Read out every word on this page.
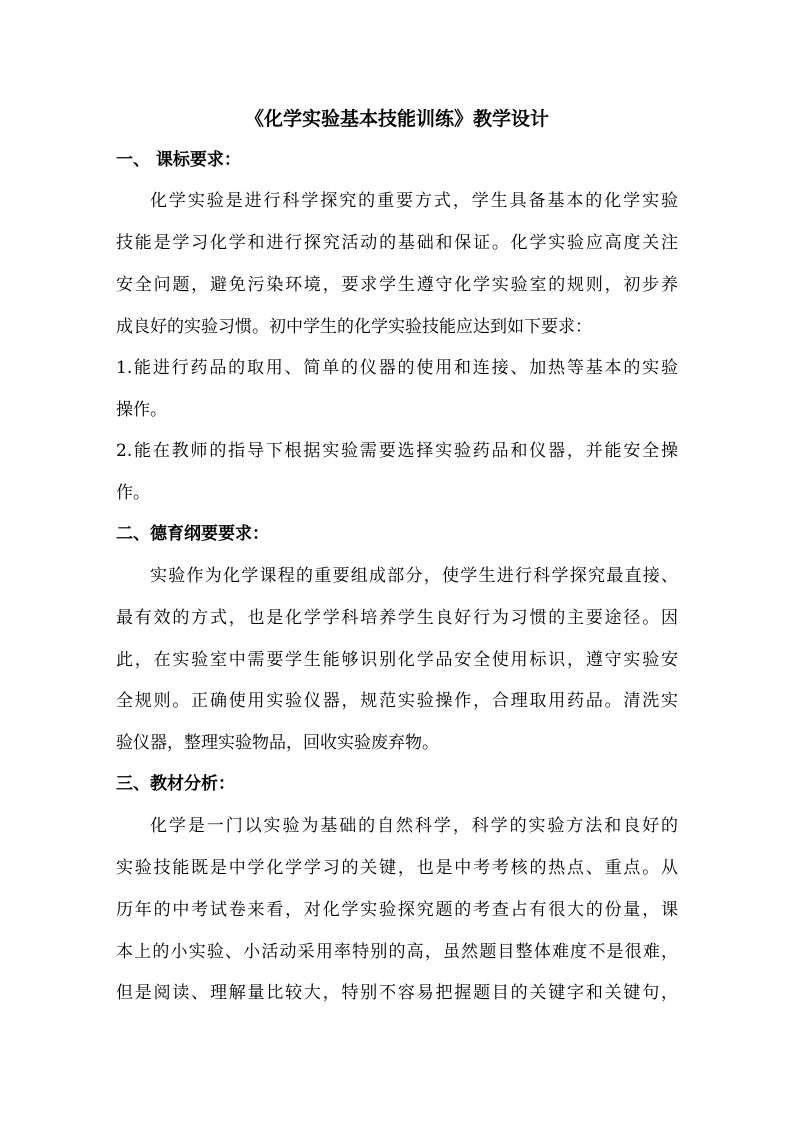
《化学实验基本技能训练》教学设计
一、 课标要求：
化学实验是进行科学探究的重要方式，学生具备基本的化学实验
技能是学习化学和进行探究活动的基础和保证。化学实验应高度关注
安全问题，避免污染环境，要求学生遵守化学实验室的规则，初步养
成良好的实验习惯。初中学生的化学实验技能应达到如下要求：
1.能进行药品的取用、简单的仪器的使用和连接、加热等基本的实验
操作。
2.能在教师的指导下根据实验需要选择实验药品和仪器，并能安全操
作。
二、德育纲要要求：
实验作为化学课程的重要组成部分，使学生进行科学探究最直接、
最有效的方式，也是化学学科培养学生良好行为习惯的主要途径。因
此，在实验室中需要学生能够识别化学品安全使用标识，遵守实验安
全规则。正确使用实验仪器，规范实验操作，合理取用药品。清洗实
验仪器，整理实验物品，回收实验废弃物。
三、教材分析：
化学是一门以实验为基础的自然科学，科学的实验方法和良好的
实验技能既是中学化学学习的关键，也是中考考核的热点、重点。从
历年的中考试卷来看，对化学实验探究题的考查占有很大的份量，课
本上的小实验、小活动采用率特别的高，虽然题目整体难度不是很难，
但是阅读、理解量比较大，特别不容易把握题目的关键字和关键句，
